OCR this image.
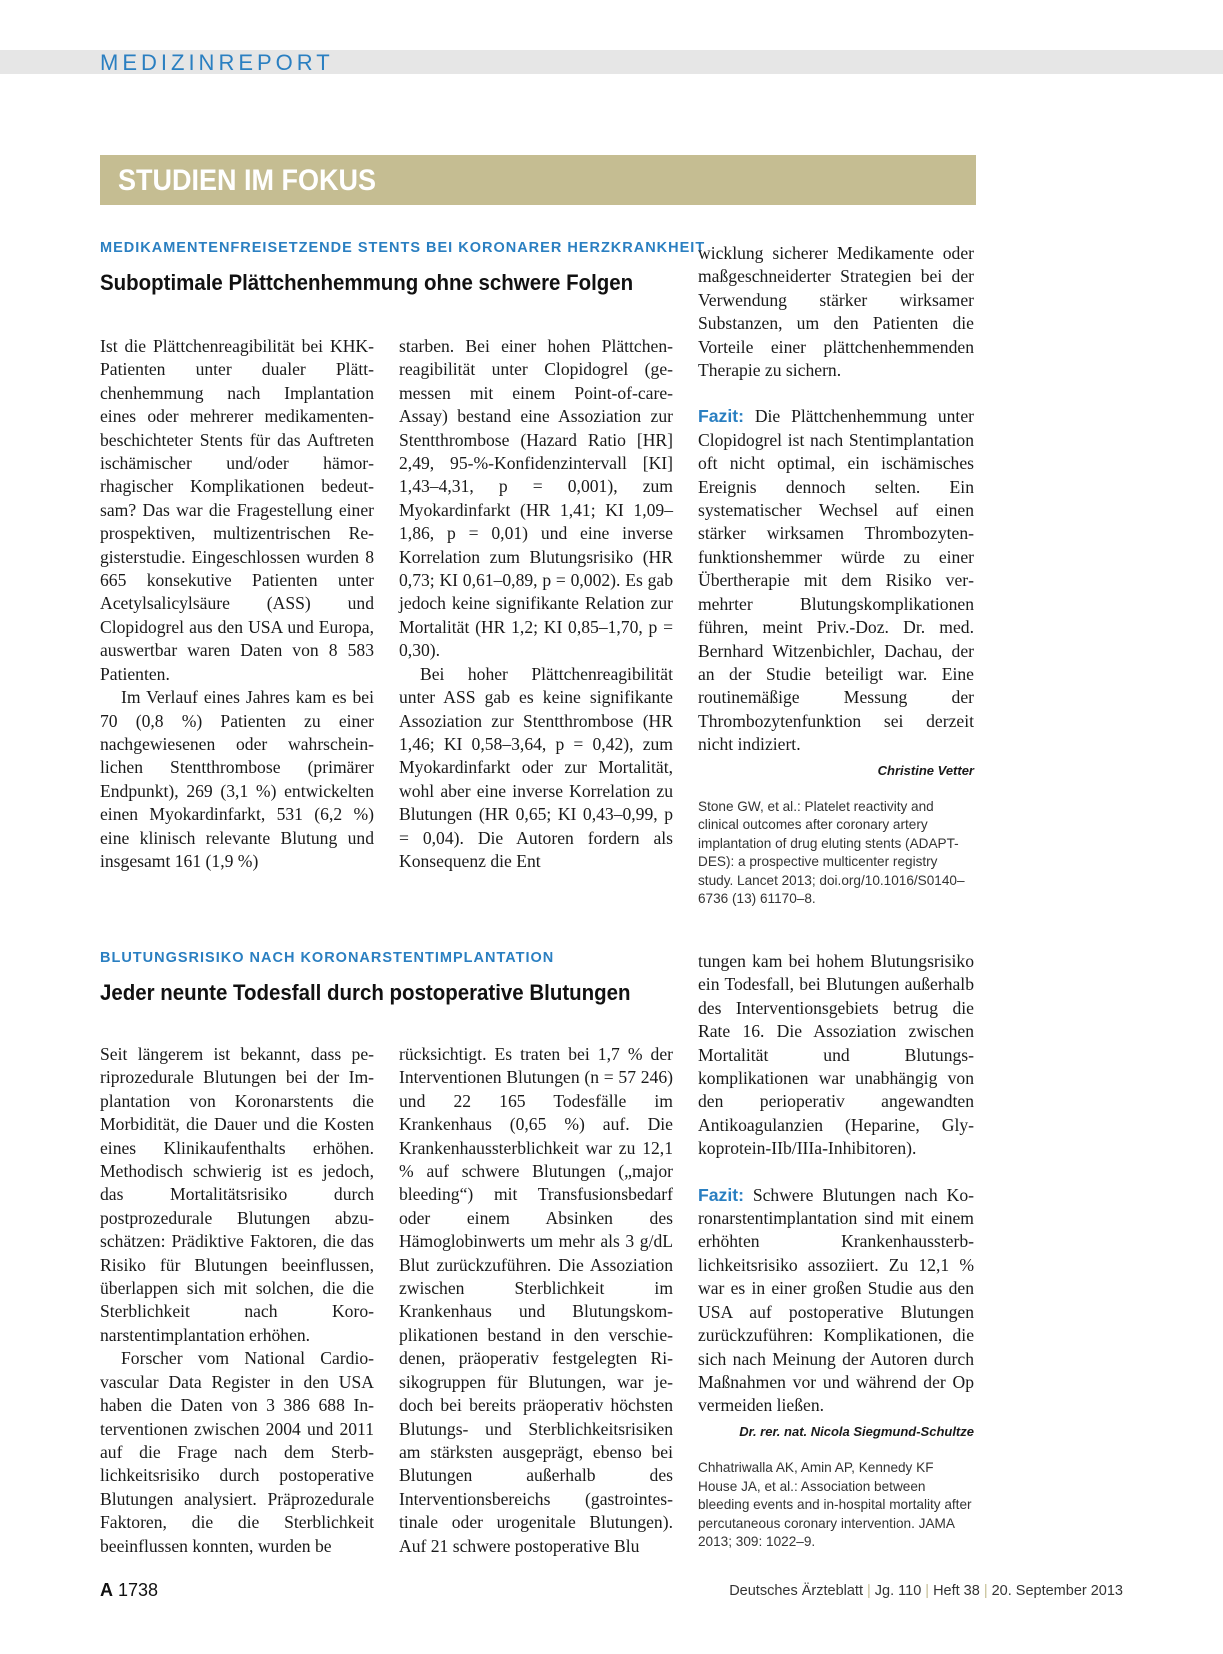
MEDIZINREPORT
STUDIEN IM FOKUS
MEDIKAMENTENFREISETZENDE STENTS BEI KORONARER HERZKRANKHEIT
Suboptimale Plättchenhemmung ohne schwere Folgen

Ist die Plättchenreagibilität bei KHK-Patienten unter dualer Plättchenhemmung nach Implantation eines oder mehrerer medikamentenbeschichteter Stents für das Auftreten ischämischer und/oder hämorrhagischer Komplikationen bedeutsam? Das war die Fragestellung einer prospektiven, multizentrischen Registerstudie. Eingeschlossen wurden 8 665 konsekutive Patienten unter Acetylsalicylsäure (ASS) und Clopidogrel aus den USA und Europa, auswertbar waren Daten von 8 583 Patienten.

Im Verlauf eines Jahres kam es bei 70 (0,8 %) Patienten zu einer nachgewiesenen oder wahrscheinlichen Stentthrombose (primärer Endpunkt), 269 (3,1 %) entwickelten einen Myokardinfarkt, 531 (6,2 %) eine klinisch relevante Blutung und insgesamt 161 (1,9 %)

starben. Bei einer hohen Plättchenreagibilität unter Clopidogrel (gemessen mit einem Point-of-care-Assay) bestand eine Assoziation zur Stentthrombose (Hazard Ratio [HR] 2,49, 95-%-Konfidenzintervall [KI] 1,43–4,31, p = 0,001), zum Myokardinfarkt (HR 1,41; KI 1,09–1,86, p = 0,01) und eine inverse Korrelation zum Blutungsrisiko (HR 0,73; KI 0,61–0,89, p = 0,002). Es gab jedoch keine signifikante Relation zur Mortalität (HR 1,2; KI 0,85–1,70, p = 0,30).

Bei hoher Plättchenreagibilität unter ASS gab es keine signifikante Assoziation zur Stentthrombose (HR 1,46; KI 0,58–3,64, p = 0,42), zum Myokardinfarkt oder zur Mortalität, wohl aber eine inverse Korrelation zu Blutungen (HR 0,65; KI 0,43–0,99, p = 0,04). Die Autoren fordern als Konsequenz die Ent

wicklung sicherer Medikamente oder maßgeschneiderter Strategien bei der Verwendung stärker wirksamer Substanzen, um den Patienten die Vorteile einer plättchenhemmenden Therapie zu sichern.

Fazit: Die Plättchenhemmung unter Clopidogrel ist nach Stentimplantation oft nicht optimal, ein ischämisches Ereignis dennoch selten. Ein systematischer Wechsel auf einen stärker wirksamen Thrombozytenfunktionshemmer würde zu einer Übertherapie mit dem Risiko vermehrter Blutungskomplikationen führen, meint Priv.-Doz. Dr. med. Bernhard Witzenbichler, Dachau, der an der Studie beteiligt war. Eine routinemäßige Messung der Thrombozytenfunktion sei derzeit nicht indiziert.

Christine Vetter
Stone GW, et al.: Platelet reactivity and clinical outcomes after coronary artery implantation of drug eluting stents (ADAPT-DES): a prospective multicenter registry study. Lancet 2013; doi.org/10.1016/S0140–6736 (13) 61170–8.
BLUTUNGSRISIKO NACH KORONARSTENTIMPLANTATION
Jeder neunte Todesfall durch postoperative Blutungen

Seit längerem ist bekannt, dass periprozedurale Blutungen bei der Implantation von Koronarstents die Morbidität, die Dauer und die Kosten eines Klinikaufenthalts erhöhen. Methodisch schwierig ist es jedoch, das Mortalitätsrisiko durch postprozedurale Blutungen abzuschätzen: Prädiktive Faktoren, die das Risiko für Blutungen beeinflussen, überlappen sich mit solchen, die die Sterblichkeit nach Koronarstentimplantation erhöhen.

Forscher vom National Cardiovascular Data Register in den USA haben die Daten von 3 386 688 Interventionen zwischen 2004 und 2011 auf die Frage nach dem Sterblichkeitsrisiko durch postoperative Blutungen analysiert. Präprozedurale Faktoren, die die Sterblichkeit beeinflussen konnten, wurden be

rücksichtigt. Es traten bei 1,7 % der Interventionen Blutungen (n = 57 246) und 22 165 Todesfälle im Krankenhaus (0,65 %) auf. Die Krankenhaussterblichkeit war zu 12,1 % auf schwere Blutungen („major bleeding“) mit Transfusionsbedarf oder einem Absinken des Hämoglobinwerts um mehr als 3 g/dL Blut zurückzuführen. Die Assoziation zwischen Sterblichkeit im Krankenhaus und Blutungskomplikationen bestand in den verschiedenen, präoperativ festgelegten Risikogruppen für Blutungen, war jedoch bei bereits präoperativ höchsten Blutungs- und Sterblichkeitsrisiken am stärksten ausgeprägt, ebenso bei Blutungen außerhalb des Interventionsbereichs (gastrointestinale oder urogenitale Blutungen). Auf 21 schwere postoperative Blu

tungen kam bei hohem Blutungsrisiko ein Todesfall, bei Blutungen außerhalb des Interventionsgebiets betrug die Rate 16. Die Assoziation zwischen Mortalität und Blutungskomplikationen war unabhängig von den perioperativ angewandten Antikoagulanzien (Heparine, Glykoprotein-IIb/IIIa-Inhibitoren).

Fazit: Schwere Blutungen nach Koronarstentimplantation sind mit einem erhöhten Krankenhaussterblichkeitsrisiko assoziiert. Zu 12,1 % war es in einer großen Studie aus den USA auf postoperative Blutungen zurückzuführen: Komplikationen, die sich nach Meinung der Autoren durch Maßnahmen vor und während der Op vermeiden ließen.

Dr. rer. nat. Nicola Siegmund-Schultze
Chhatriwalla AK, Amin AP, Kennedy KF House JA, et al.: Association between bleeding events and in-hospital mortality after percutaneous coronary intervention. JAMA 2013; 309: 1022–9.
A 1738	Deutsches Ärzteblatt | Jg. 110 | Heft 38 | 20. September 2013
